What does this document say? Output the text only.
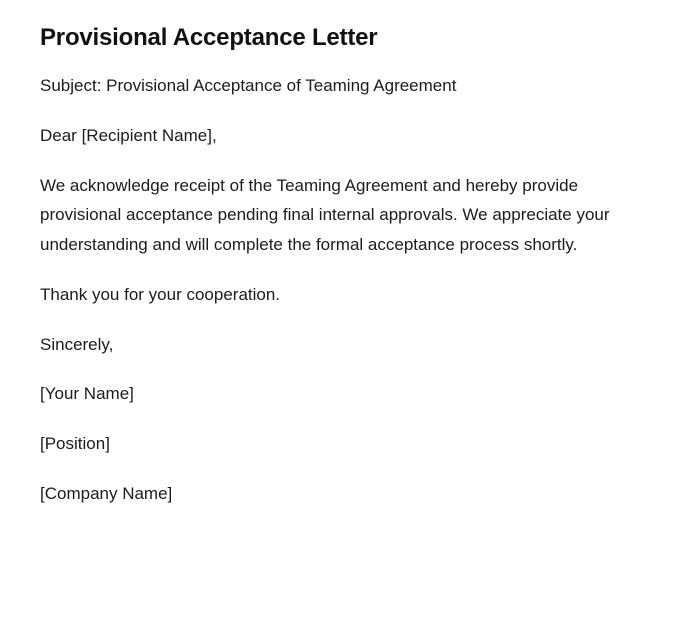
Provisional Acceptance Letter

Subject: Provisional Acceptance of Teaming Agreement

Dear [Recipient Name],

We acknowledge receipt of the Teaming Agreement and hereby provide provisional acceptance pending final internal approvals. We appreciate your understanding and will complete the formal acceptance process shortly.

Thank you for your cooperation.

Sincerely,

[Your Name]

[Position]

[Company Name]
